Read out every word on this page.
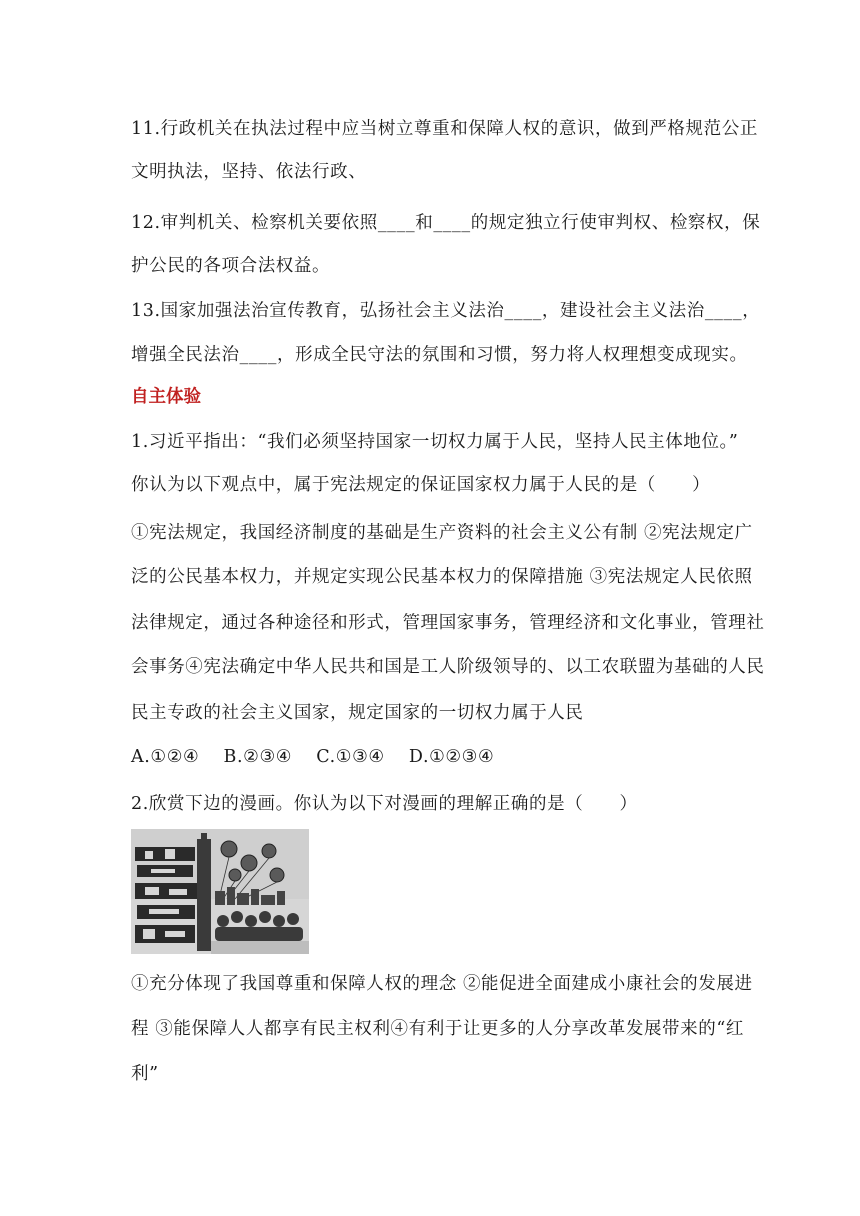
11.行政机关在执法过程中应当树立尊重和保障人权的意识，做到严格规范公正
文明执法，坚持、依法行政、
12.审判机关、检察机关要依照____和____的规定独立行使审判权、检察权，保
护公民的各项合法权益。
13.国家加强法治宣传教育，弘扬社会主义法治____，建设社会主义法治____，
增强全民法治____，形成全民守法的氛围和习惯，努力将人权理想变成现实。
自主体验
1.习近平指出：“我们必须坚持国家一切权力属于人民，坚持人民主体地位。”
你认为以下观点中，属于宪法规定的保证国家权力属于人民的是（　　）
①宪法规定，我国经济制度的基础是生产资料的社会主义公有制 ②宪法规定广
泛的公民基本权力，并规定实现公民基本权力的保障措施 ③宪法规定人民依照
法律规定，通过各种途径和形式，管理国家事务，管理经济和文化事业，管理社
会事务④宪法确定中华人民共和国是工人阶级领导的、以工农联盟为基础的人民
民主专政的社会主义国家，规定国家的一切权力属于人民
A.①②④　 B.②③④　 C.①③④　 D.①②③④
2.欣赏下边的漫画。你认为以下对漫画的理解正确的是（　　）
①充分体现了我国尊重和保障人权的理念 ②能促进全面建成小康社会的发展进
程 ③能保障人人都享有民主权利④有利于让更多的人分享改革发展带来的“红
利”
